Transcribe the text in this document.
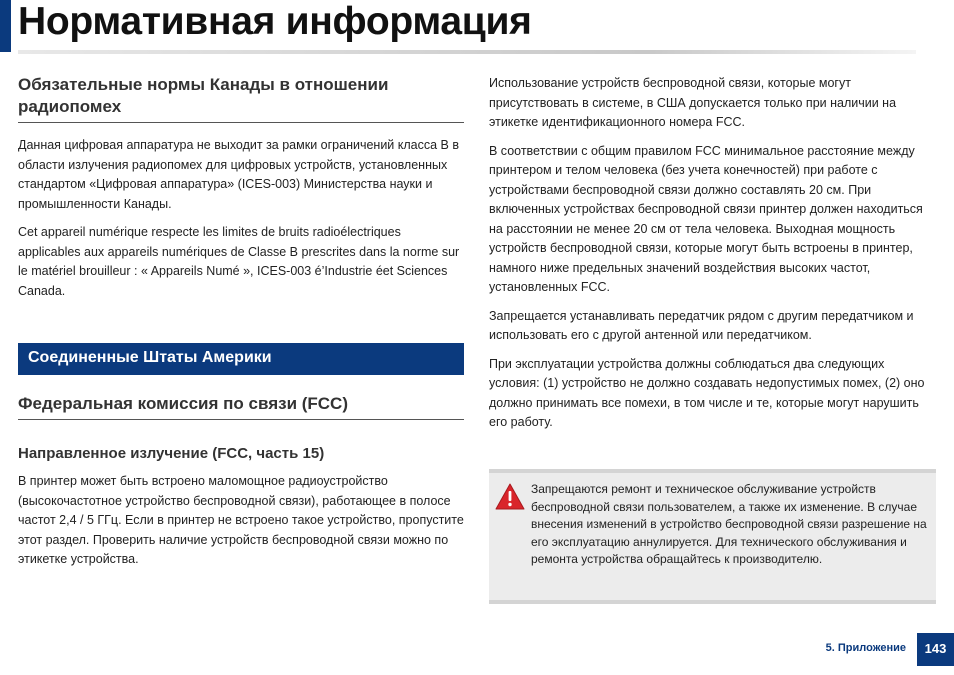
Нормативная информация
Обязательные нормы Канады в отношении радиопомех

Данная цифровая аппаратура не выходит за рамки ограничений класса B в области излучения радиопомех для цифровых устройств, установленных стандартом «Цифровая аппаратура» (ICES-003) Министерства науки и промышленности Канады.

Cet appareil numérique respecte les limites de bruits radioélectriques applicables aux appareils numériques de Classe B prescrites dans la norme sur le matériel brouilleur : « Appareils Numé », ICES-003 é’Industrie éet Sciences Canada.

Соединенные Штаты Америки
Федеральная комиссия по связи (FCC)
Направленное излучение (FCC, часть 15)

В принтер может быть встроено маломощное радиоустройство (высокочастотное устройство беспроводной связи), работающее в полосе частот 2,4 / 5 ГГц. Если в принтер не встроено такое устройство, пропустите этот раздел. Проверить наличие устройств беспроводной связи можно по этикетке устройства.

Использование устройств беспроводной связи, которые могут присутствовать в системе, в США допускается только при наличии на этикетке идентификационного номера FCC.

В соответствии с общим правилом FCC минимальное расстояние между принтером и телом человека (без учета конечностей) при работе с устройствами беспроводной связи должно составлять 20 см. При включенных устройствах беспроводной связи принтер должен находиться на расстоянии не менее 20 см от тела человека. Выходная мощность устройств беспроводной связи, которые могут быть встроены в принтер, намного ниже предельных значений воздействия высоких частот, установленных FCC.

Запрещается устанавливать передатчик рядом с другим передатчиком и использовать его с другой антенной или передатчиком.

При эксплуатации устройства должны соблюдаться два следующих условия: (1) устройство не должно создавать недопустимых помех, (2) оно должно принимать все помехи, в том числе и те, которые могут нарушить его работу.

Запрещаются ремонт и техническое обслуживание устройств беспроводной связи пользователем, а также их изменение. В случае внесения изменений в устройство беспроводной связи разрешение на его эксплуатацию аннулируется. Для технического обслуживания и ремонта устройства обращайтесь к производителю.

5. Приложение	143
